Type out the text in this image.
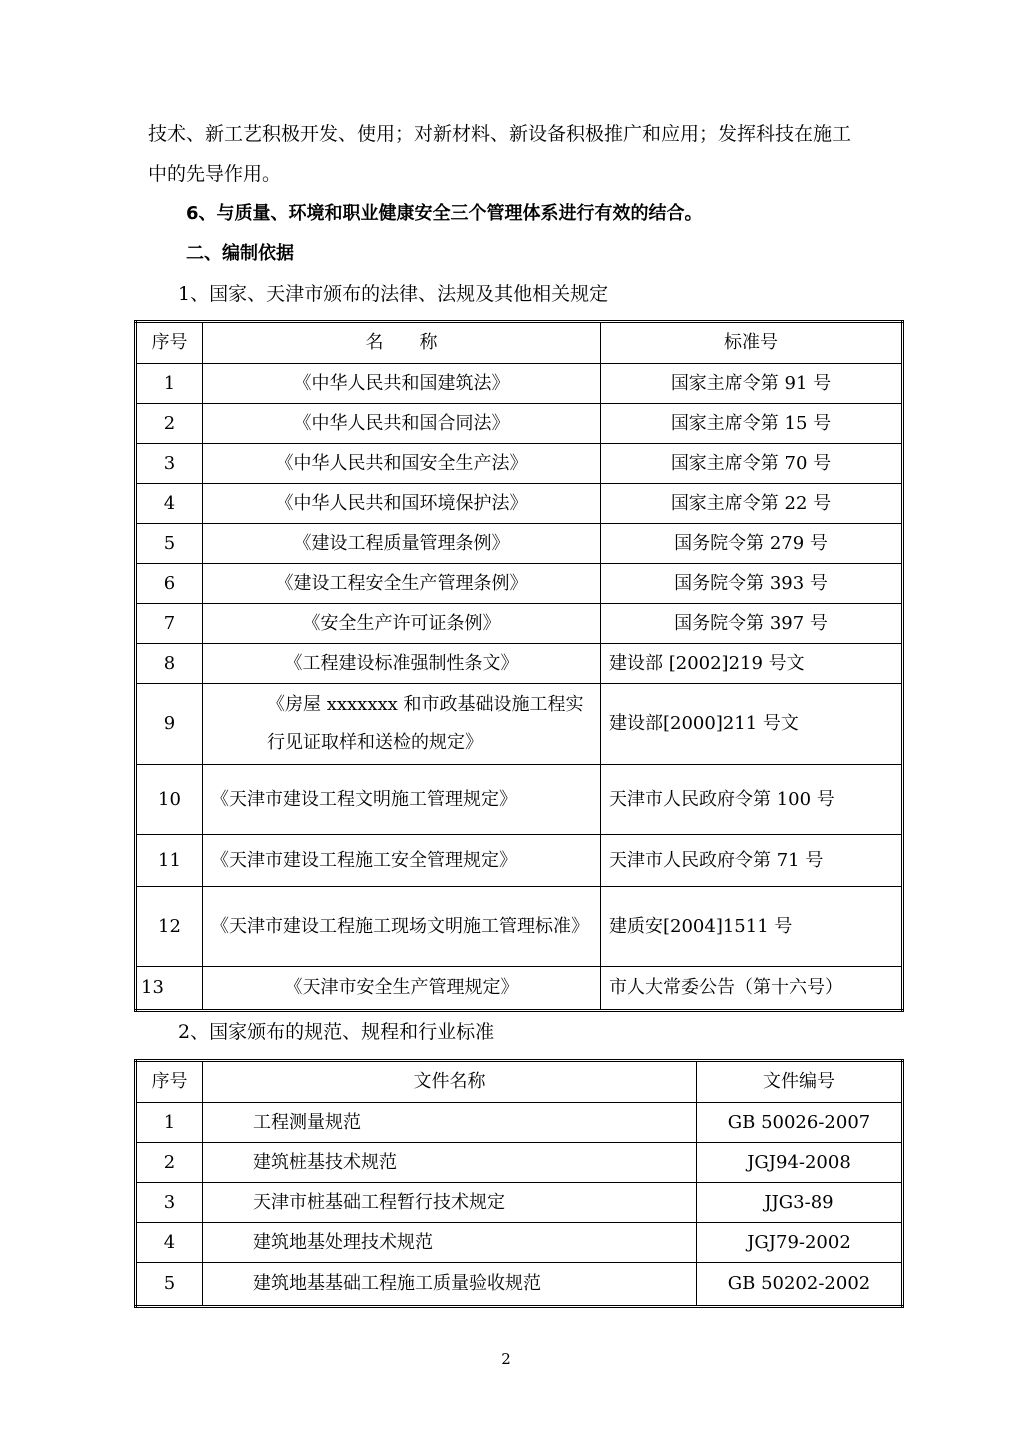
技术、新工艺积极开发、使用；对新材料、新设备积极推广和应用；发挥科技在施工

中的先导作用。

6、与质量、环境和职业健康安全三个管理体系进行有效的结合。

二、编制依据

1、国家、天津市颁布的法律、法规及其他相关规定

序号	名　　称	标准号
1	《中华人民共和国建筑法》	国家主席令第 91 号
2	《中华人民共和国合同法》	国家主席令第 15 号
3	《中华人民共和国安全生产法》	国家主席令第 70 号
4	《中华人民共和国环境保护法》	国家主席令第 22 号
5	《建设工程质量管理条例》	国务院令第 279 号
6	《建设工程安全生产管理条例》	国务院令第 393 号
7	《安全生产许可证条例》	国务院令第 397 号
8	《工程建设标准强制性条文》	建设部 [2002]219 号文
9	《房屋 xxxxxxx 和市政基础设施工程实行见证取样和送检的规定》	建设部[2000]211 号文
10	《天津市建设工程文明施工管理规定》	天津市人民政府令第 100 号
11	《天津市建设工程施工安全管理规定》	天津市人民政府令第 71 号
12	《天津市建设工程施工现场文明施工管理标准》	建质安[2004]1511 号
13	《天津市安全生产管理规定》	市人大常委公告（第十六号）

2、国家颁布的规范、规程和行业标准

序号	文件名称	文件编号
1	工程测量规范	GB 50026-2007
2	建筑桩基技术规范	JGJ94-2008
3	天津市桩基础工程暂行技术规定	JJG3-89
4	建筑地基处理技术规范	JGJ79-2002
5	建筑地基基础工程施工质量验收规范	GB 50202-2002
2
